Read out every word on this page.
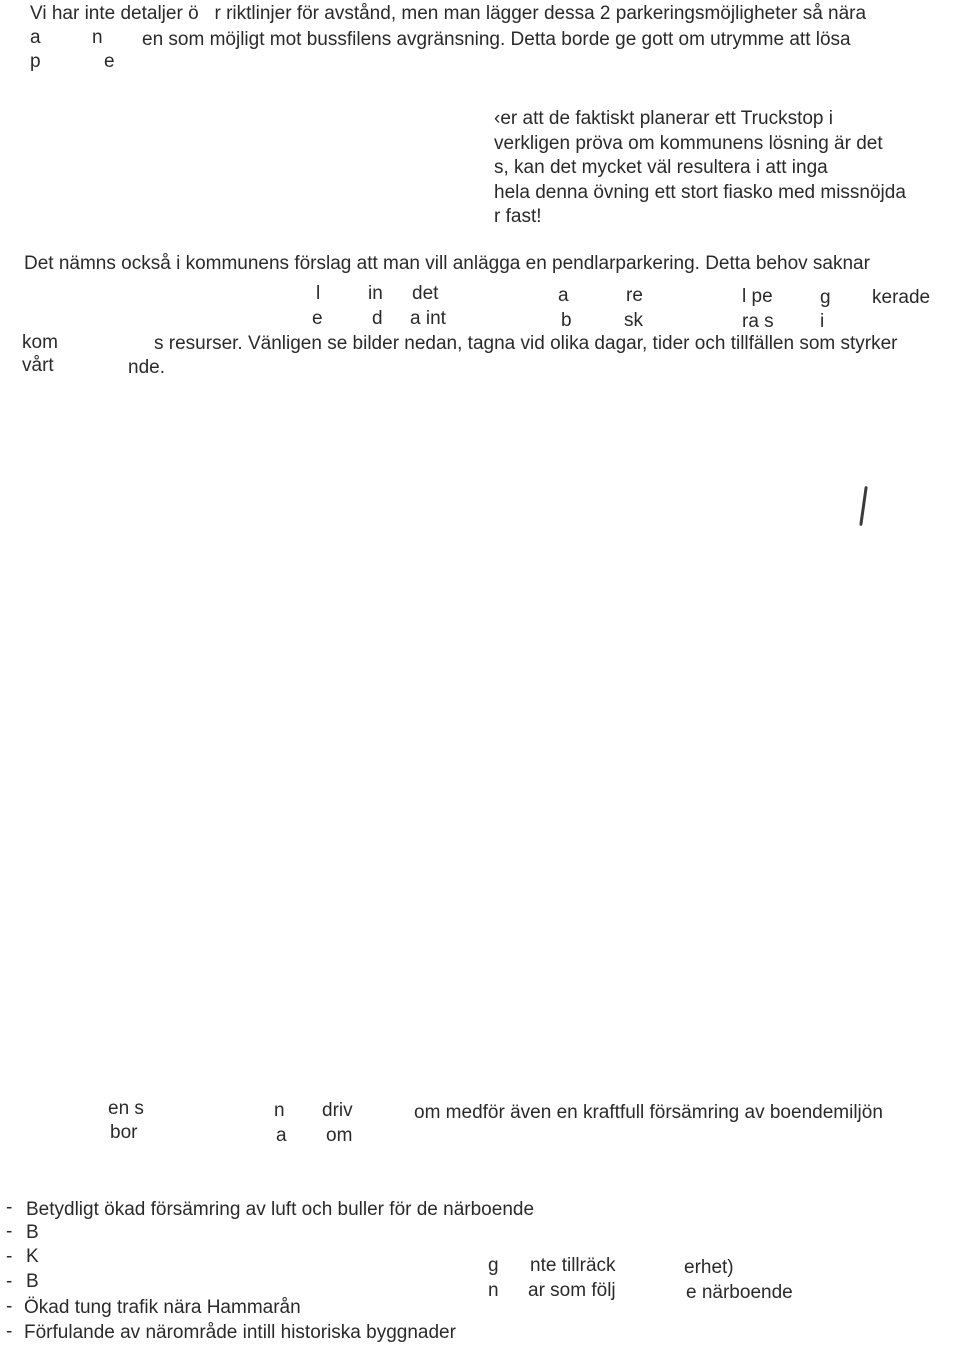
Vi har inte detaljer ö   r riktlinjer för avstånd, men man lägger dessa 2 parkeringsmöjligheter så nära
a	n en som möjligt mot bussfilens avgränsning. Detta borde ge gott om utrymme att lösa
p	e
‹er att de faktiskt planerar ett Truckstop i
verkligen pröva om kommunens lösning är det
s, kan det mycket väl resultera i att inga
hela denna övning ett stort fiasko med missnöjda
r fast!
Det nämns också i kommunens förslag att man vill anlägga en pendlarparkering. Detta behov saknar
l	in det	a	re	l pe g kerade
e	d a int	b	sk	ra s i
kom	s resurser. Vänligen se bilder nedan, tagna vid olika dagar, tider och tillfällen som styrker
vårt	nde.
en s	n driv	om medför även en kraftfull försämring av boendemiljön
bor	a om
- Betydligt ökad försämring av luft och buller för de närboende
- B
- K	g nte tillräck	erhet)
- B	n ar som följ	e närboende
- Ökad tung trafik nära Hammarån
- Förfulande av närområde intill historiska byggnader
